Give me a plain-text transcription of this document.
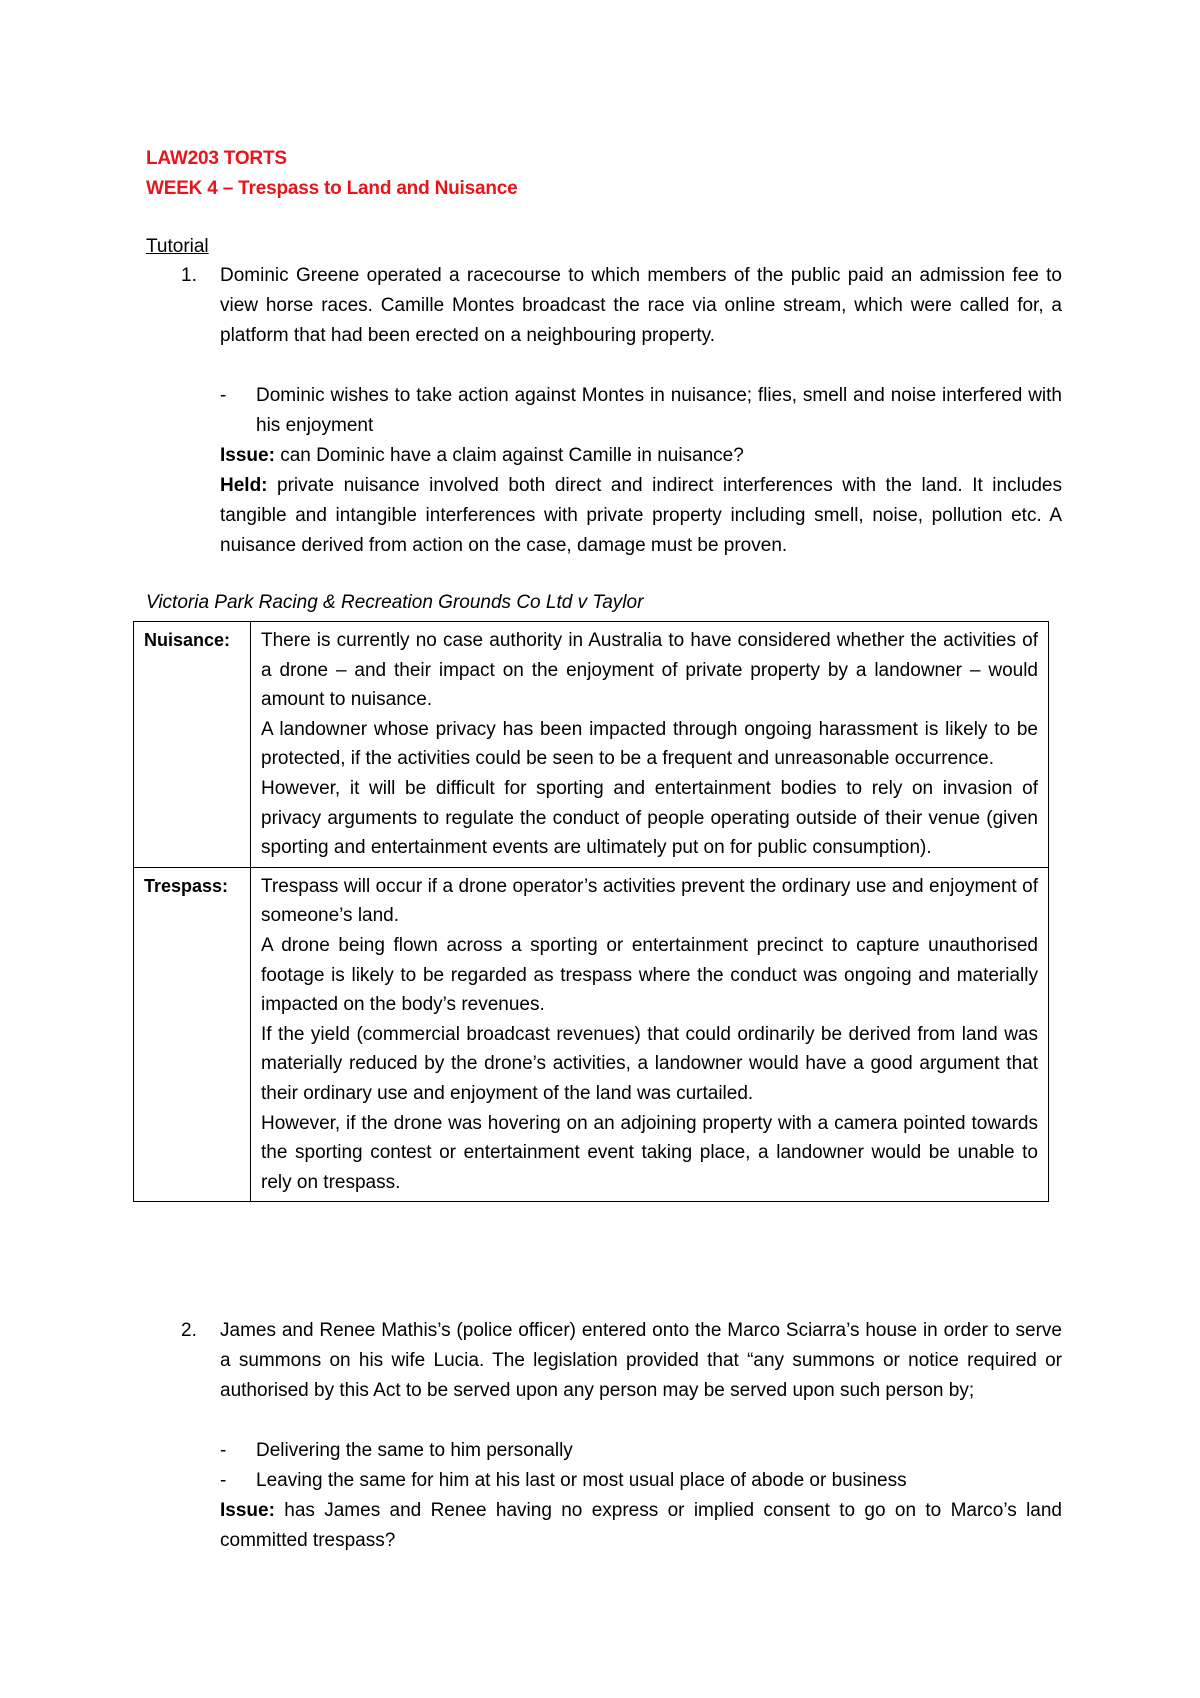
LAW203 TORTS
WEEK 4 – Trespass to Land and Nuisance
Tutorial
1. Dominic Greene operated a racecourse to which members of the public paid an admission fee to view horse races. Camille Montes broadcast the race via online stream, which were called for, a platform that had been erected on a neighbouring property.

- Dominic wishes to take action against Montes in nuisance; flies, smell and noise interfered with his enjoyment

Issue: can Dominic have a claim against Camille in nuisance?

Held: private nuisance involved both direct and indirect interferences with the land. It includes tangible and intangible interferences with private property including smell, noise, pollution etc. A nuisance derived from action on the case, damage must be proven.

Victoria Park Racing & Recreation Grounds Co Ltd v Taylor
Nuisance:	There is currently no case authority in Australia to have considered whether the activities of a drone – and their impact on the enjoyment of private property by a landowner – would amount to nuisance.

A landowner whose privacy has been impacted through ongoing harassment is likely to be protected, if the activities could be seen to be a frequent and unreasonable occurrence.

However, it will be difficult for sporting and entertainment bodies to rely on invasion of privacy arguments to regulate the conduct of people operating outside of their venue (given sporting and entertainment events are ultimately put on for public consumption).

Trespass:	Trespass will occur if a drone operator’s activities prevent the ordinary use and enjoyment of someone’s land.

A drone being flown across a sporting or entertainment precinct to capture unauthorised footage is likely to be regarded as trespass where the conduct was ongoing and materially impacted on the body’s revenues.

If the yield (commercial broadcast revenues) that could ordinarily be derived from land was materially reduced by the drone’s activities, a landowner would have a good argument that their ordinary use and enjoyment of the land was curtailed.

However, if the drone was hovering on an adjoining property with a camera pointed towards the sporting contest or entertainment event taking place, a landowner would be unable to rely on trespass.

2. James and Renee Mathis’s (police officer) entered onto the Marco Sciarra’s house in order to serve a summons on his wife Lucia. The legislation provided that “any summons or notice required or authorised by this Act to be served upon any person may be served upon such person by;

- Delivering the same to him personally

- Leaving the same for him at his last or most usual place of abode or business

Issue: has James and Renee having no express or implied consent to go on to Marco’s land committed trespass?
